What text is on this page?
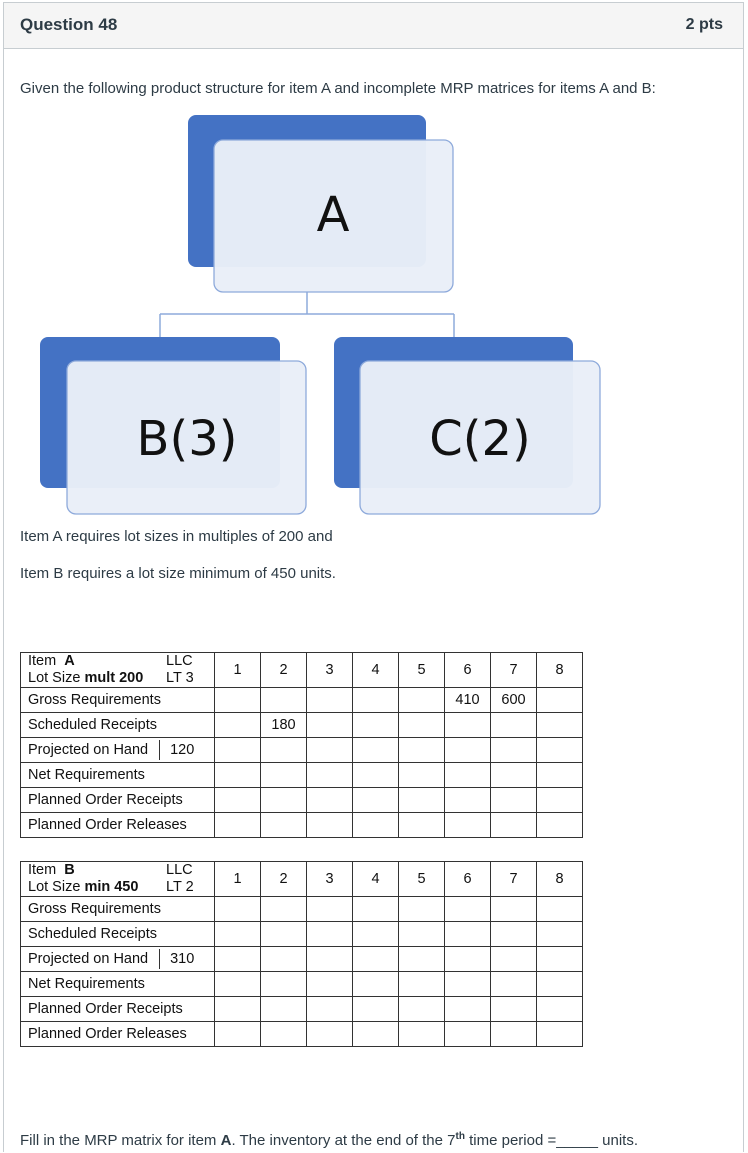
Question 48	2 pts
Given the following product structure for item A and incomplete MRP matrices for items A and B:
A
B(3)	C(2)
Item A requires lot sizes in multiples of 200 and
Item B requires a lot size minimum of 450 units.
Item A LLC
Lot Size mult 200 LT 3	1	2	3	4	5	6	7	8
Gross Requirements						410	600	
Scheduled Receipts		180						

Projected on Hand 120								

Net Requirements								
Planned Order Receipts								
Planned Order Releases								
Item B LLC
Lot Size min 450 LT 2	1	2	3	4	5	6	7	8
Gross Requirements								
Scheduled Receipts								

Projected on Hand 310								

Net Requirements								
Planned Order Receipts								
Planned Order Releases								
Fill in the MRP matrix for item A. The inventory at the end of the 7th time period =_____ units.
